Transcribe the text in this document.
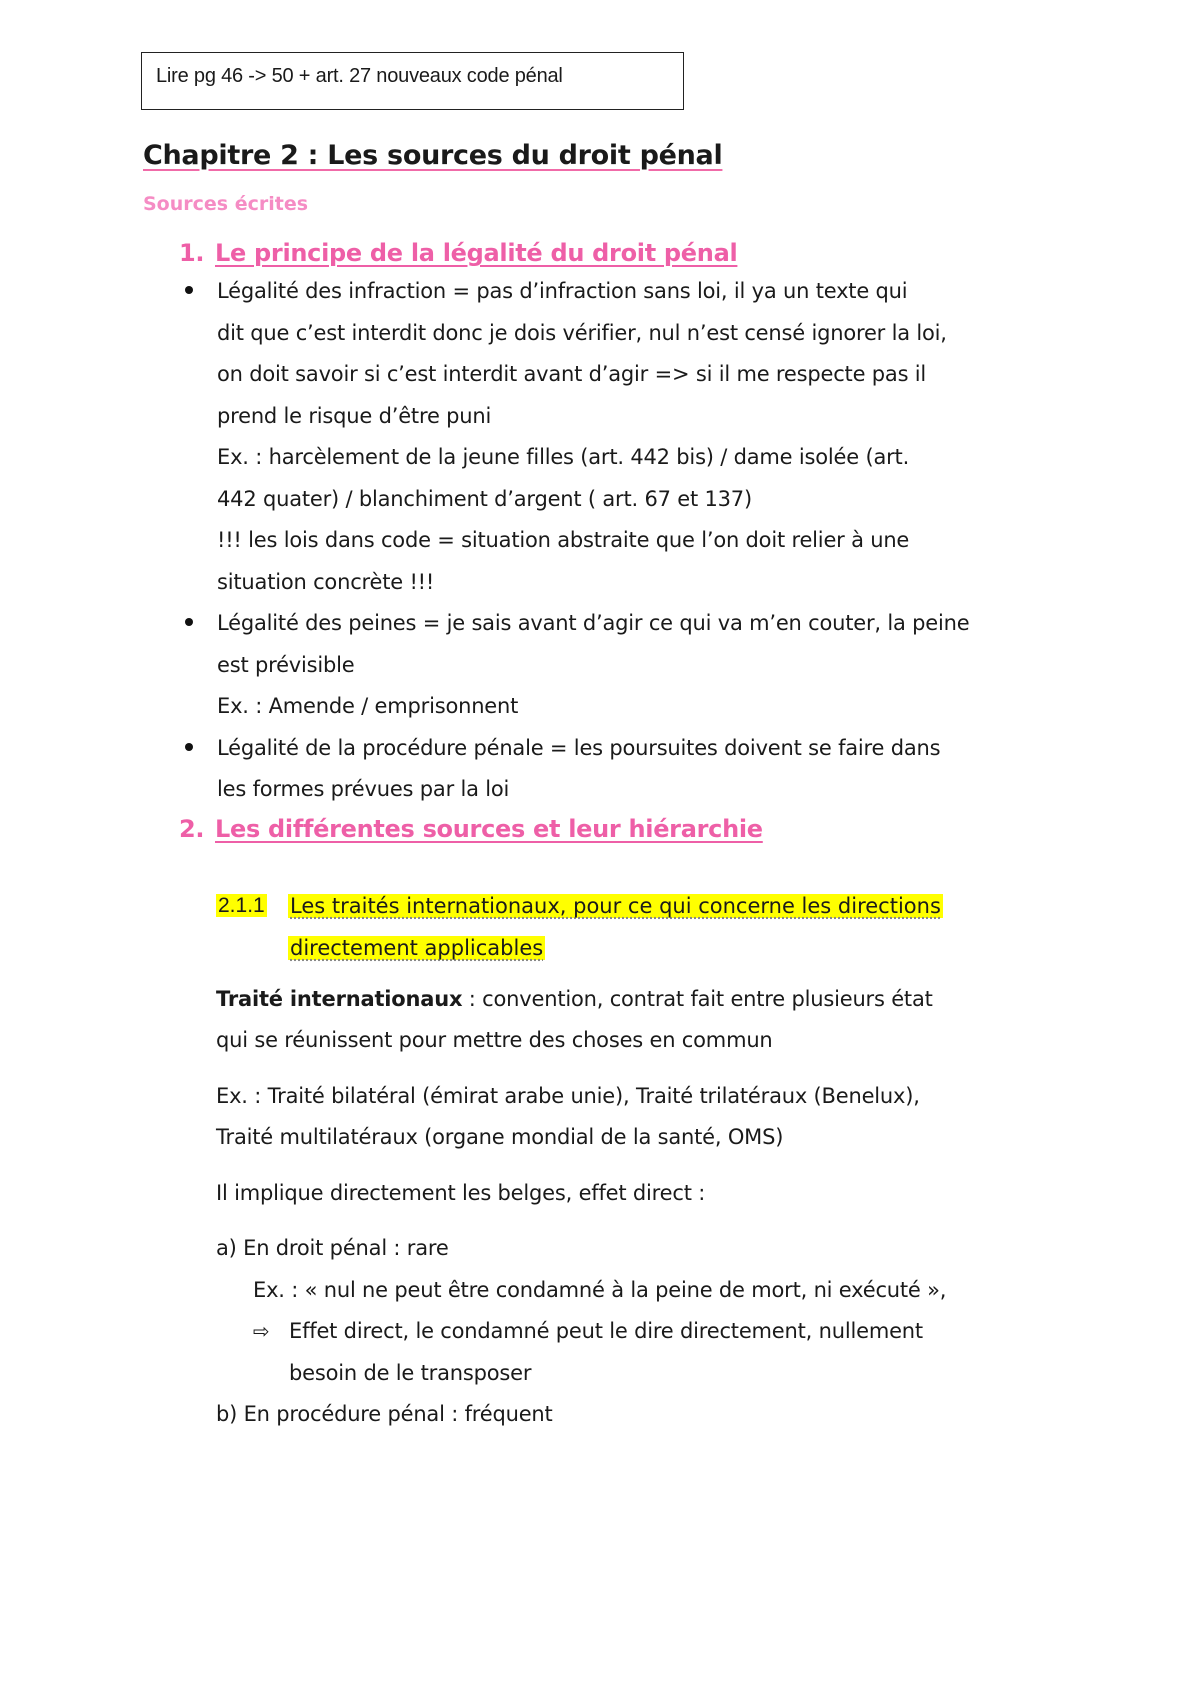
Lire pg 46 -> 50 + art. 27 nouveaux code pénal
Chapitre 2 : Les sources du droit pénal
Sources écrites
1. Le principe de la légalité du droit pénal
Légalité des infraction = pas d’infraction sans loi, il ya un texte qui
dit que c’est interdit donc je dois vérifier, nul n’est censé ignorer la loi,
on doit savoir si c’est interdit avant d’agir => si il me respecte pas il
prend le risque d’être puni
Ex. : harcèlement de la jeune filles (art. 442 bis) / dame isolée (art.
442 quater) / blanchiment d’argent ( art. 67 et 137)
!!! les lois dans code = situation abstraite que l’on doit relier à une
situation concrète !!!
Légalité des peines = je sais avant d’agir ce qui va m’en couter, la peine
est prévisible
Ex. : Amende / emprisonnent
Légalité de la procédure pénale = les poursuites doivent se faire dans
les formes prévues par la loi
2. Les différentes sources et leur hiérarchie
2.1.1	Les traités internationaux, pour ce qui concerne les directions
directement applicables
Traité internationaux : convention, contrat fait entre plusieurs état
qui se réunissent pour mettre des choses en commun
Ex. : Traité bilatéral (émirat arabe unie), Traité trilatéraux (Benelux),
Traité multilatéraux (organe mondial de la santé, OMS)
Il implique directement les belges, effet direct :
a) En droit pénal : rare
Ex. : « nul ne peut être condamné à la peine de mort, ni exécuté »,
⇨ Effet direct, le condamné peut le dire directement, nullement
besoin de le transposer
b) En procédure pénal : fréquent
